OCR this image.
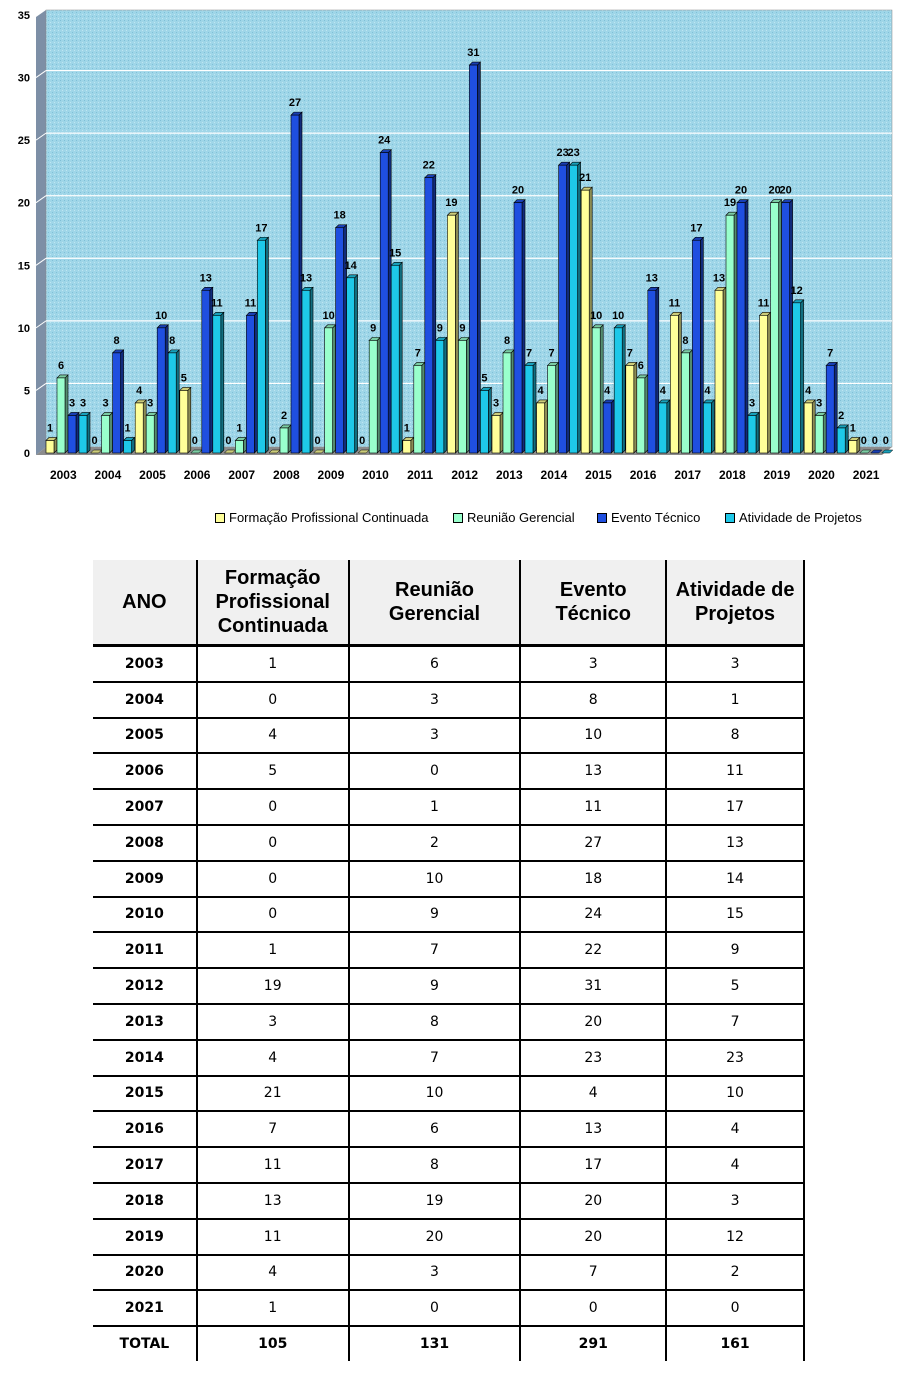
0
5
10
15
20
25
30
35
2003 2004 2005 2006 2007 2008 2009 2010 2011 2012 2013 2014 2015 2016 2017 2018 2019 2020 2021
1
6
3 3
0
3
8
1
4
3
10
8
5
0
13
11
0
1
11
17
0
2
27
13
0
10
18
14
0
9
24
15
1
7
22
9
19
9
31
5
3
8
20
7
4
7
23
23
21
10
4
10
7
6
13
4
11
8
17
4
13
19
20
3
11
20
20
12
4
3
7
2
1
0 0 0
Formação Profissional Continuada	Reunião Gerencial	Evento Técnico	Atividade de Projetos
ANO	Formação Profissional Continuada	Reunião Gerencial	Evento Técnico	Atividade de Projetos
2003	1	6	3	3
2004	0	3	8	1
2005	4	3	10	8
2006	5	0	13	11
2007	0	1	11	17
2008	0	2	27	13
2009	0	10	18	14
2010	0	9	24	15
2011	1	7	22	9
2012	19	9	31	5
2013	3	8	20	7
2014	4	7	23	23
2015	21	10	4	10
2016	7	6	13	4
2017	11	8	17	4
2018	13	19	20	3
2019	11	20	20	12
2020	4	3	7	2
2021	1	0	0	0
TOTAL	105	131	291	161
